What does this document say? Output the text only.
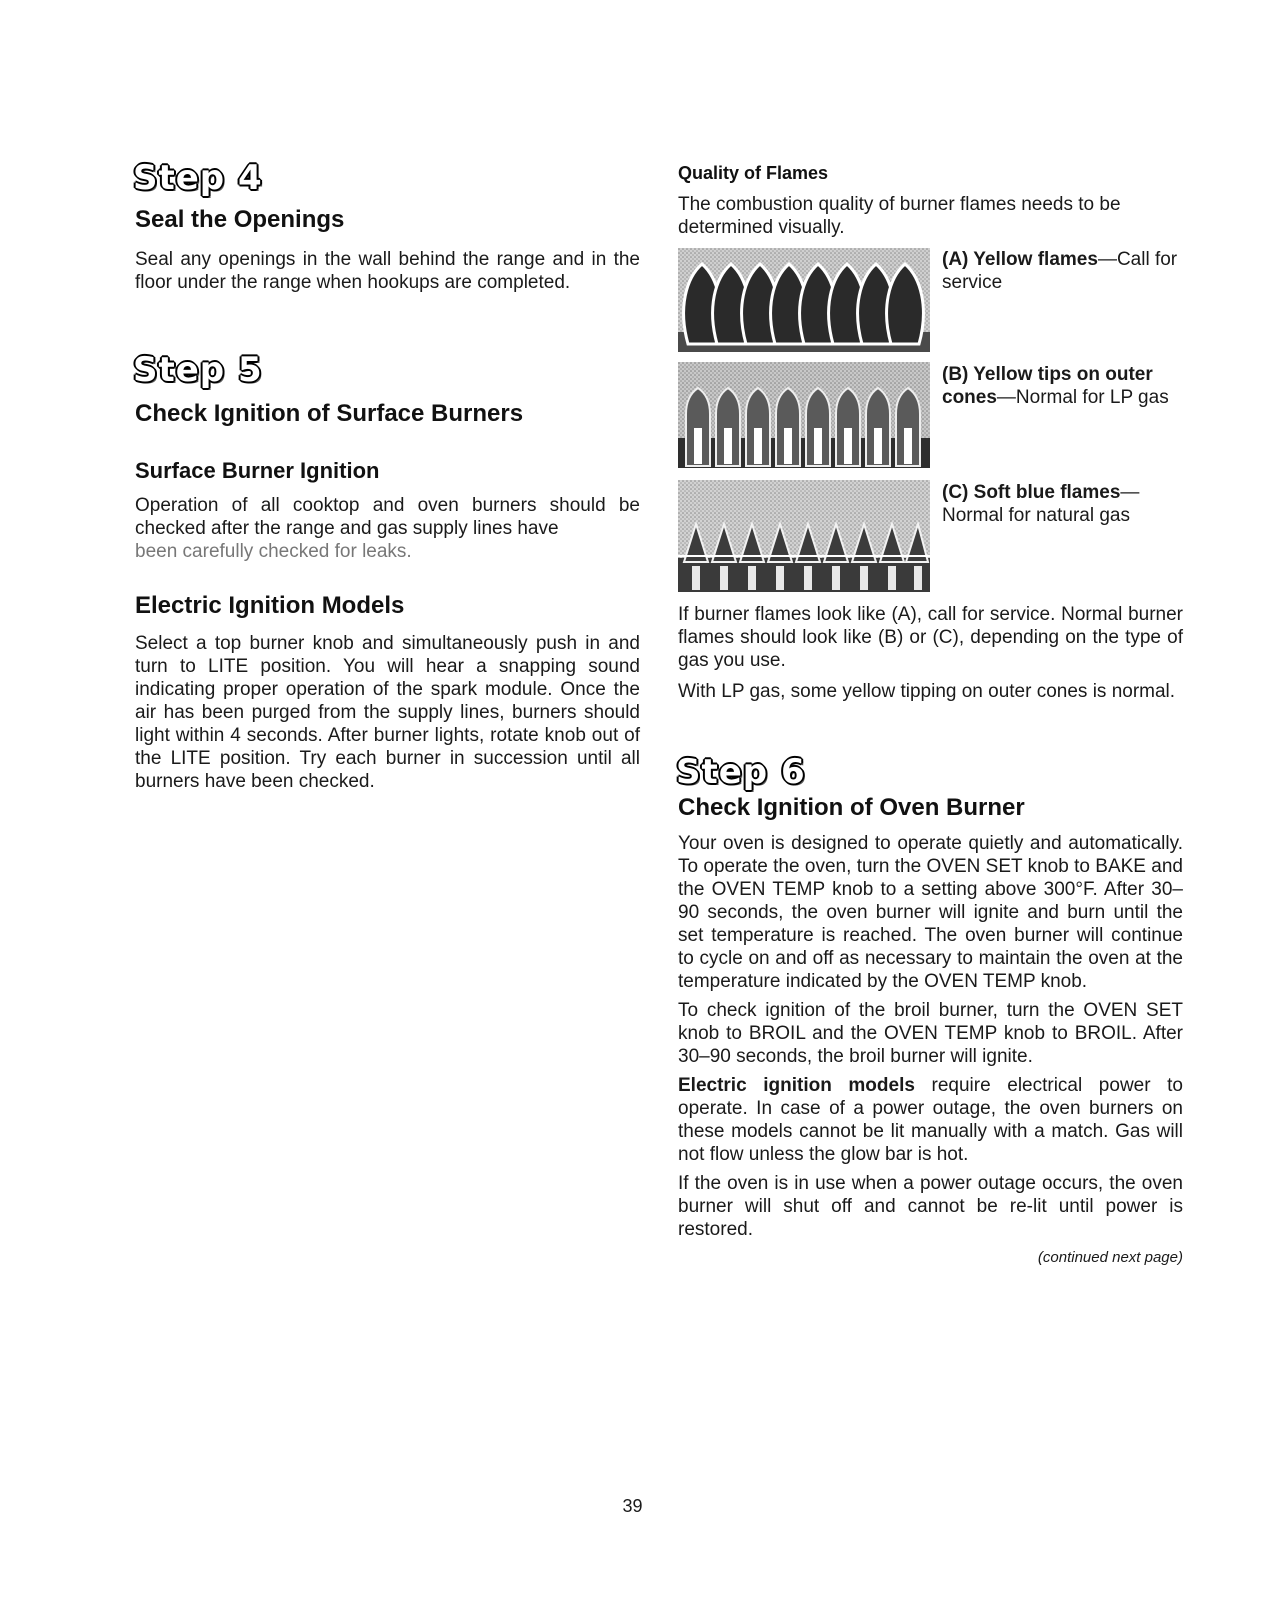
Step 4
Seal the Openings

Seal any openings in the wall behind the range and in the floor under the range when hookups are completed.

Step 5
Check Ignition of Surface Burners
Surface Burner Ignition

Operation of all cooktop and oven burners should be checked after the range and gas supply lines have

been carefully checked for leaks.

Electric Ignition Models

Select a top burner knob and simultaneously push in and turn to LITE position. You will hear a snapping sound indicating proper operation of the spark module. Once the air has been purged from the supply lines, burners should light within 4 seconds. After burner lights, rotate knob out of the LITE position. Try each burner in succession until all burners have been checked.

Quality of Flames

The combustion quality of burner flames needs to be determined visually.

(A) Yellow flames—Call for service

(B) Yellow tips on outer cones—Normal for LP gas

(C) Soft blue flames—Normal for natural gas

If burner flames look like (A), call for service. Normal burner flames should look like (B) or (C), depending on the type of gas you use.

With LP gas, some yellow tipping on outer cones is normal.

Step 6
Check Ignition of Oven Burner

Your oven is designed to operate quietly and automatically. To operate the oven, turn the OVEN SET knob to BAKE and the OVEN TEMP knob to a setting above 300°F. After 30–90 seconds, the oven burner will ignite and burn until the set temperature is reached. The oven burner will continue to cycle on and off as necessary to maintain the oven at the temperature indicated by the OVEN TEMP knob.

To check ignition of the broil burner, turn the OVEN SET knob to BROIL and the OVEN TEMP knob to BROIL. After 30–90 seconds, the broil burner will ignite.

Electric ignition models require electrical power to operate. In case of a power outage, the oven burners on these models cannot be lit manually with a match. Gas will not flow unless the glow bar is hot.

If the oven is in use when a power outage occurs, the oven burner will shut off and cannot be re-lit until power is restored.

(continued next page)

39
